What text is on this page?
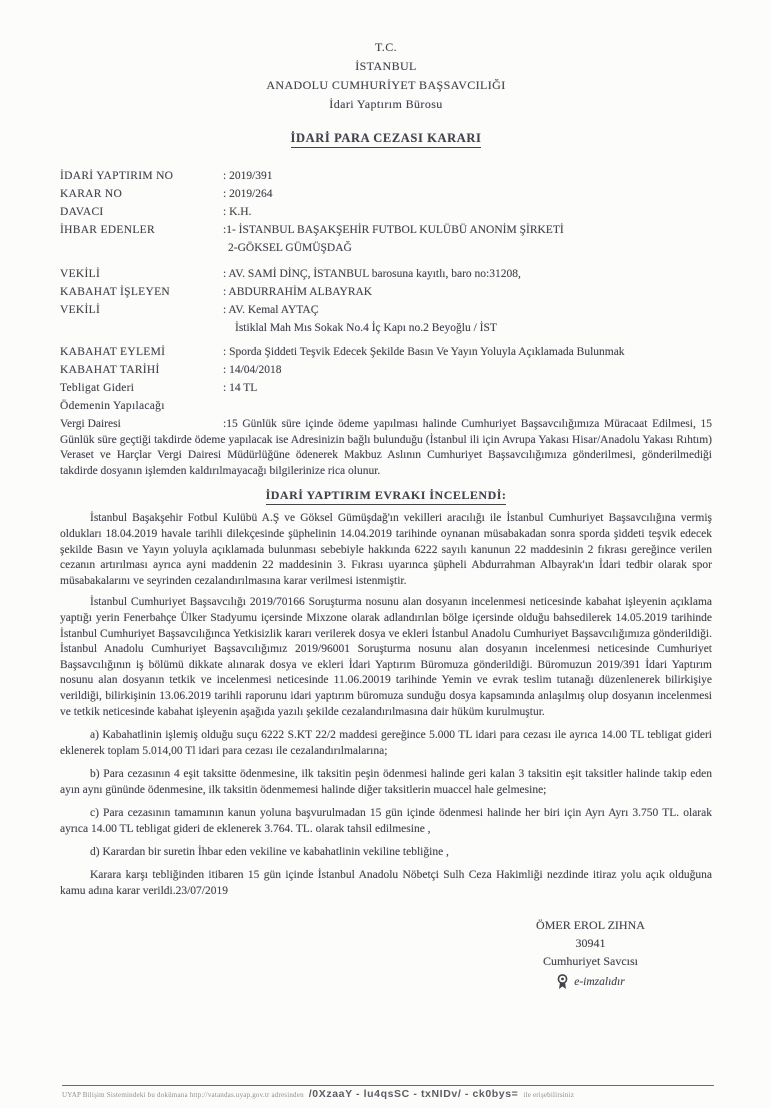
T.C.
İSTANBUL
ANADOLU CUMHURİYET BAŞSAVCILIĞI
İdari Yaptırım Bürosu
İDARİ PARA CEZASI KARARI
İDARİ YAPTIRIM NO	: 2019/391
KARAR NO	: 2019/264
DAVACI	: K.H.
İHBAR EDENLER	:1- İSTANBUL BAŞAKŞEHİR FUTBOL KULÜBÜ ANONİM ŞİRKETİ
2-GÖKSEL GÜMÜŞDAĞ
VEKİLİ	: AV. SAMİ DİNÇ, İSTANBUL barosuna kayıtlı, baro no:31208,
KABAHAT İŞLEYEN	: ABDURRAHİM ALBAYRAK
VEKİLİ	: AV. Kemal AYTAÇ
İstiklal Mah Mıs Sokak No.4 İç Kapı no.2 Beyoğlu / İST
KABAHAT EYLEMİ	: Sporda Şiddeti Teşvik Edecek Şekilde Basın Ve Yayın Yoluyla Açıklamada Bulunmak
KABAHAT TARİHİ	: 14/04/2018
Tebligat Gideri	: 14 TL
Ödemenin Yapılacağı
Vergi Dairesi	:15 Günlük süre içinde ödeme yapılması halinde Cumhuriyet Başsavcılığımıza Müracaat Edilmesi, 15 Günlük süre geçtiği takdirde ödeme yapılacak ise Adresinizin bağlı bulunduğu (İstanbul ili için Avrupa Yakası Hisar/Anadolu Yakası Rıhtım) Veraset ve Harçlar Vergi Dairesi Müdürlüğüne ödenerek Makbuz Aslının Cumhuriyet Başsavcılığımıza gönderilmesi, gönderilmediği takdirde dosyanın işlemden kaldırılmayacağı bilgilerinize rica olunur.
İDARİ YAPTIRIM EVRAKI İNCELENDİ:

İstanbul Başakşehir Fotbul Kulübü A.Ş ve Göksel Gümüşdağ'ın vekilleri aracılığı ile İstanbul Cumhuriyet Başsavcılığına vermiş oldukları 18.04.2019 havale tarihli dilekçesinde şüphelinin 14.04.2019 tarihinde oynanan müsabakadan sonra sporda şiddeti teşvik edecek şekilde Basın ve Yayın yoluyla açıklamada bulunması sebebiyle hakkında 6222 sayılı kanunun 22 maddesinin 2 fıkrası gereğince verilen cezanın artırılması ayrıca ayni maddenin 22 maddesinin 3. Fıkrası uyarınca şüpheli Abdurrahman Albayrak'ın İdari tedbir olarak spor müsabakalarını ve seyrinden cezalandırılmasına karar verilmesi istenmiştir.

İstanbul Cumhuriyet Başsavcılığı 2019/70166 Soruşturma nosunu alan dosyanın incelenmesi neticesinde kabahat işleyenin açıklama yaptığı yerin Fenerbahçe Ülker Stadyumu içersinde Mixzone olarak adlandırılan bölge içersinde olduğu bahsedilerek 14.05.2019 tarihinde İstanbul Cumhuriyet Başsavcılığınca Yetkisizlik kararı verilerek dosya ve ekleri İstanbul Anadolu Cumhuriyet Başsavcılığımıza gönderildiği. İstanbul Anadolu Cumhuriyet Başsavcılığımız 2019/96001 Soruşturma nosunu alan dosyanın incelenmesi neticesinde Cumhuriyet Başsavcılığının iş bölümü dikkate alınarak dosya ve ekleri İdari Yaptırım Büromuza gönderildiği. Büromuzun 2019/391 İdari Yaptırım nosunu alan dosyanın tetkik ve incelenmesi neticesinde 11.06.20019 tarihinde Yemin ve evrak teslim tutanağı düzenlenerek bilirkişiye verildiği, bilirkişinin 13.06.2019 tarihli raporunu idari yaptırım büromuza sunduğu dosya kapsamında anlaşılmış olup dosyanın incelenmesi ve tetkik neticesinde kabahat işleyenin aşağıda yazılı şekilde cezalandırılmasına dair hüküm kurulmuştur.

a) Kabahatlinin işlemiş olduğu suçu 6222 S.KT 22/2 maddesi gereğince 5.000 TL idari para cezası ile ayrıca 14.00 TL tebligat gideri eklenerek toplam 5.014,00 Tl idari para cezası ile cezalandırılmalarına;

b) Para cezasının 4 eşit taksitte ödenmesine, ilk taksitin peşin ödenmesi halinde geri kalan 3 taksitin eşit taksitler halinde takip eden ayın aynı gününde ödenmesine, ilk taksitin ödenmemesi halinde diğer taksitlerin muaccel hale gelmesine;

c) Para cezasının tamamının kanun yoluna başvurulmadan 15 gün içinde ödenmesi halinde her biri için Ayrı Ayrı 3.750 TL. olarak ayrıca 14.00 TL tebligat gideri de eklenerek 3.764. TL. olarak tahsil edilmesine ,

d) Karardan bir suretin İhbar eden vekiline ve kabahatlinin vekiline tebliğine ,

Karara karşı tebliğinden itibaren 15 gün içinde İstanbul Anadolu Nöbetçi Sulh Ceza Hakimliği nezdinde itiraz yolu açık olduğuna kamu adına karar verildi.23/07/2019

ÖMER EROL ZIHNA
30941
Cumhuriyet Savcısı
e-imzalıdır
UYAP Bilişim Sistemindeki bu dokümana http://vatandas.uyap.gov.tr adresinden /0XzaaY - lu4qsSC - txNIDv/ - ck0bys= ile erişebilirsiniz
